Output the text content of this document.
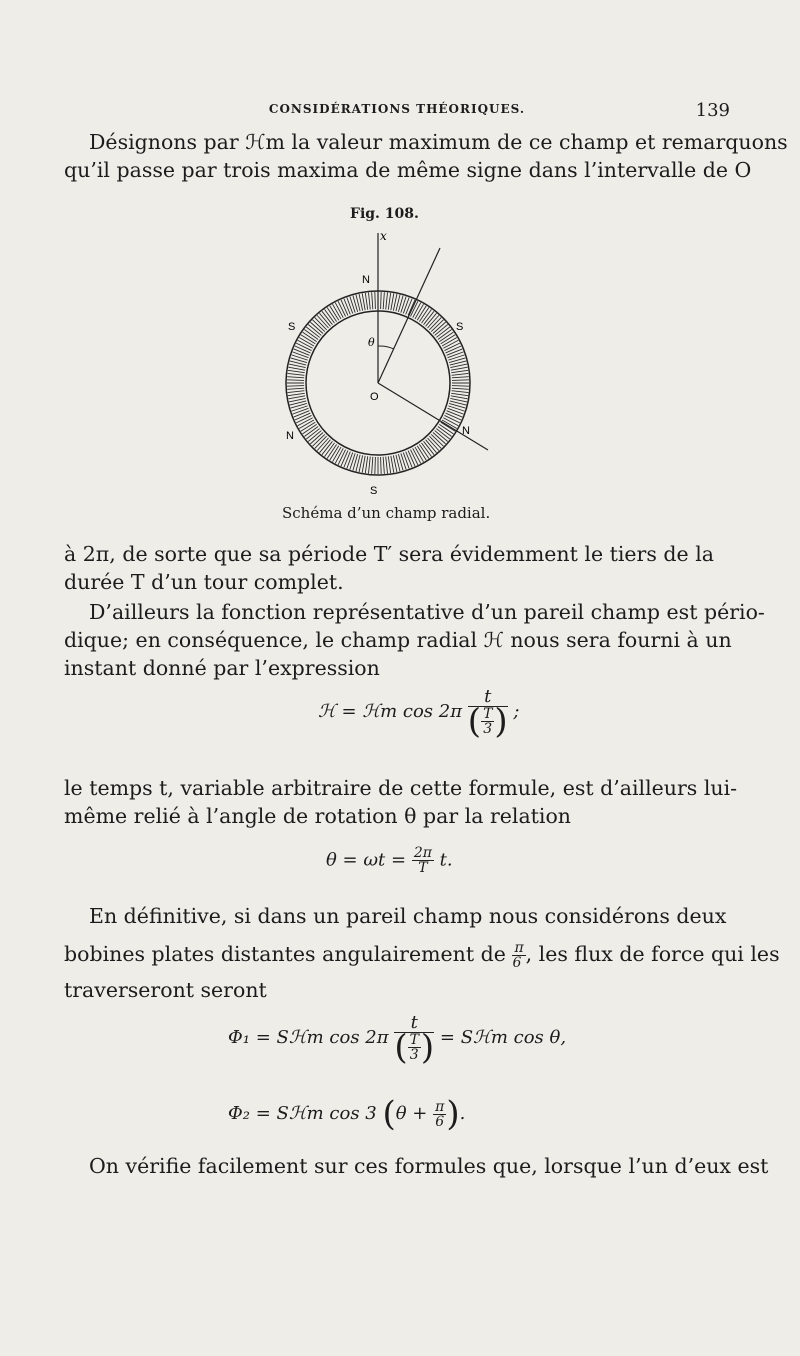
CONSIDÉRATIONS THÉORIQUES.	139
Désignons par ℋm la valeur maximum de ce champ et remarquons
qu’il passe par trois maxima de même signe dans l’intervalle de O
Fig. 108.
x
N
S	S
θ
O
N	N
S
Schéma d’un champ radial.
à 2π, de sorte que sa période T′ sera évidemment le tiers de la
durée T d’un tour complet.
D’ailleurs la fonction représentative d’un pareil champ est pério-
dique; en conséquence, le champ radial ℋ nous sera fourni à un
instant donné par l’expression
ℋ = ℋm $\cos 2\pi \frac{t}{( \frac{T}{3} )}$ ;
le temps t, variable arbitraire de cette formule, est d’ailleurs lui-
même relié à l’angle de rotation θ par la relation
$\theta = \omega t = \frac{2\pi}{T} t$.
En définitive, si dans un pareil champ nous considérons deux
bobines plates distantes angulairement de $\frac{\pi}{6}$ , les flux de force qui les
traverseront seront
Φ₁ = Sℋm $\cos 2\pi \frac{t}{( \frac{T}{3} )}$ = Sℋm cos θ,
Φ₂ = Sℋm cos 3 ($\theta + \frac{\pi}{6}$ ).
On vérifie facilement sur ces formules que, lorsque l’un d’eux est
